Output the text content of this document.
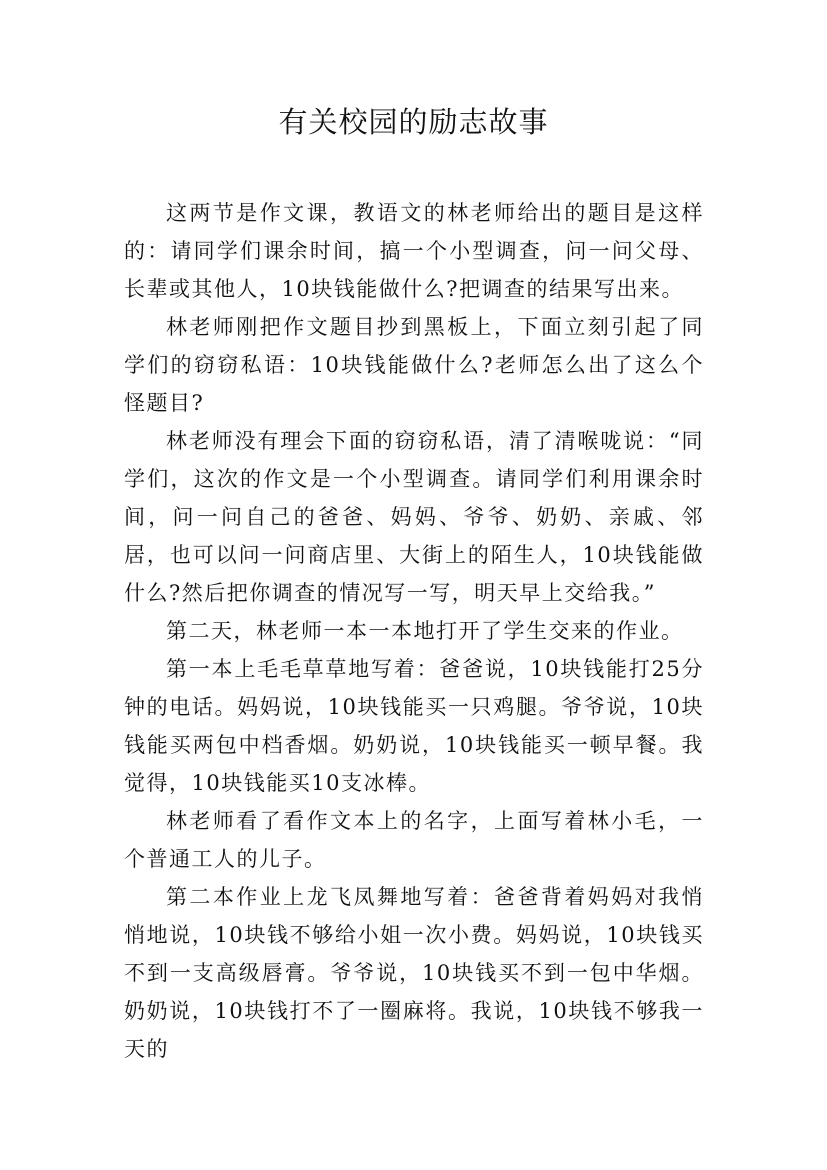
有关校园的励志故事

这两节是作文课，教语文的林老师给出的题目是这样的：请同学们课余时间，搞一个小型调查，问一问父母、长辈或其他人，10块钱能做什么?把调查的结果写出来。

林老师刚把作文题目抄到黑板上，下面立刻引起了同学们的窃窃私语：10块钱能做什么?老师怎么出了这么个怪题目?

林老师没有理会下面的窃窃私语，清了清喉咙说：“同学们，这次的作文是一个小型调查。请同学们利用课余时间，问一问自己的爸爸、妈妈、爷爷、奶奶、亲戚、邻居，也可以问一问商店里、大街上的陌生人，10块钱能做什么?然后把你调查的情况写一写，明天早上交给我。”

第二天，林老师一本一本地打开了学生交来的作业。

第一本上毛毛草草地写着：爸爸说，10块钱能打25分钟的电话。妈妈说，10块钱能买一只鸡腿。爷爷说，10块钱能买两包中档香烟。奶奶说，10块钱能买一顿早餐。我觉得，10块钱能买10支冰棒。

林老师看了看作文本上的名字，上面写着林小毛，一个普通工人的儿子。

第二本作业上龙飞凤舞地写着：爸爸背着妈妈对我悄悄地说，10块钱不够给小姐一次小费。妈妈说，10块钱买不到一支高级唇膏。爷爷说，10块钱买不到一包中华烟。奶奶说，10块钱打不了一圈麻将。我说，10块钱不够我一天的
